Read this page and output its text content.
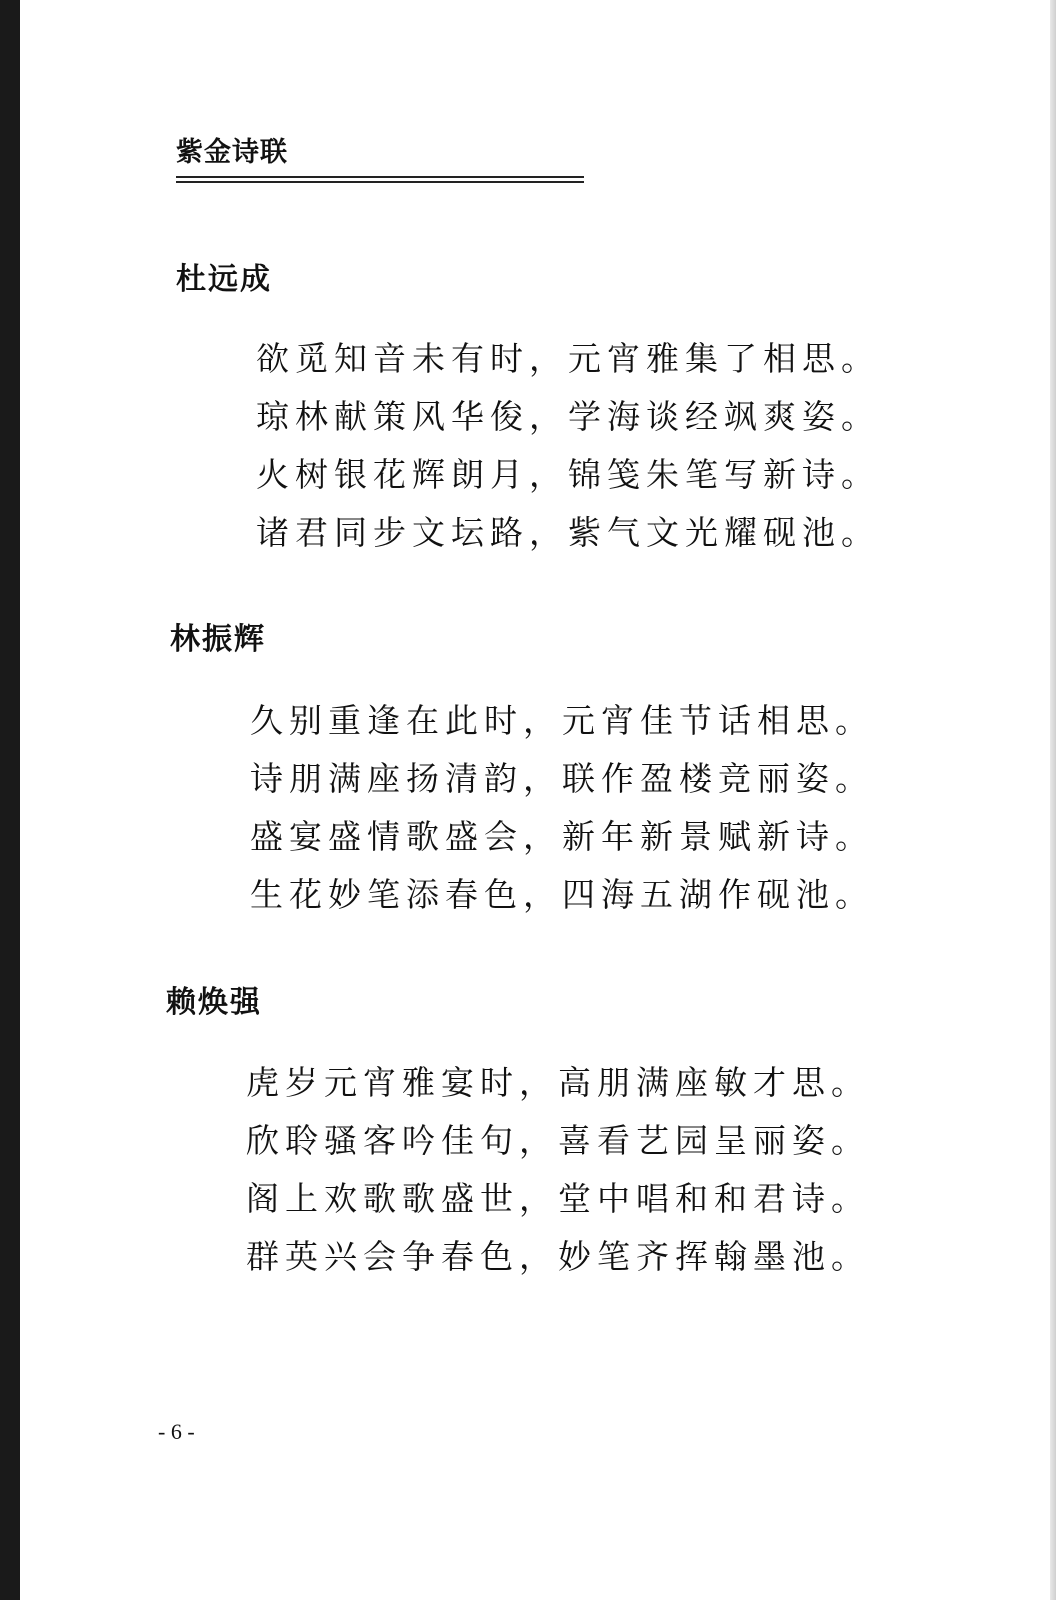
紫金诗联
杜远成
欲觅知音未有时，元宵雅集了相思。
琼林献策风华俊，学海谈经飒爽姿。
火树银花辉朗月，锦笺朱笔写新诗。
诸君同步文坛路，紫气文光耀砚池。
林振辉
久别重逢在此时，元宵佳节话相思。
诗朋满座扬清韵，联作盈楼竞丽姿。
盛宴盛情歌盛会，新年新景赋新诗。
生花妙笔添春色，四海五湖作砚池。
赖焕强
虎岁元宵雅宴时，高朋满座敏才思。
欣聆骚客吟佳句，喜看艺园呈丽姿。
阁上欢歌歌盛世，堂中唱和和君诗。
群英兴会争春色，妙笔齐挥翰墨池。
- 6 -
